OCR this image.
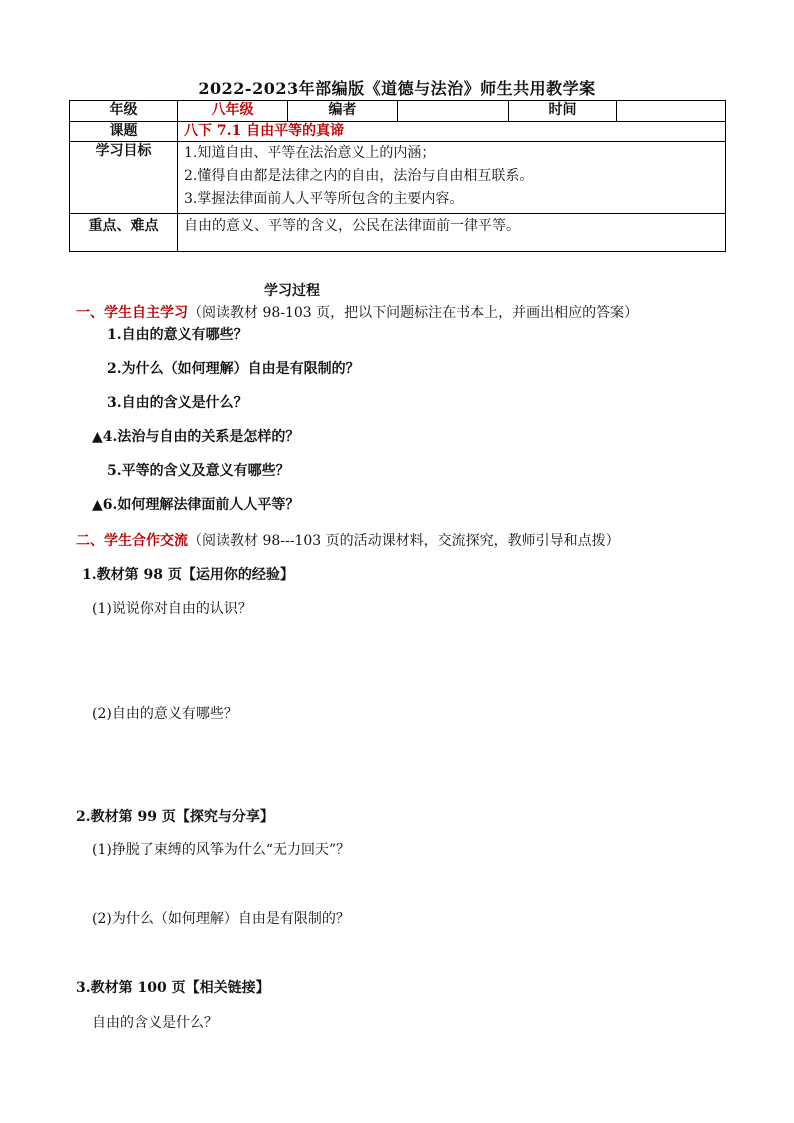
2022-2023年部编版《道德与法治》师生共用教学案
年级	八年级	编者		时间	
课题	八下 7.1 自由平等的真谛				
学习目标	1.知道自由、平等在法治意义上的内涵；
2.懂得自由都是法律之内的自由，法治与自由相互联系。
3.掌握法律面前人人平等所包含的主要内容。				

重点、难点	自由的意义、平等的含义，公民在法律面前一律平等。				
学习过程
一、学生自主学习（阅读教材 98-103 页，把以下问题标注在书本上，并画出相应的答案）
1.自由的意义有哪些？
2.为什么（如何理解）自由是有限制的？
3.自由的含义是什么？
▲4.法治与自由的关系是怎样的？
5.平等的含义及意义有哪些？
▲6.如何理解法律面前人人平等？
二、学生合作交流（阅读教材 98---103 页的活动课材料，交流探究，教师引导和点拨）
1.教材第 98 页【运用你的经验】
(1)说说你对自由的认识？
(2)自由的意义有哪些？
2.教材第 99 页【探究与分享】
(1)挣脱了束缚的风筝为什么“无力回天”？
(2)为什么（如何理解）自由是有限制的？
3.教材第 100 页【相关链接】
自由的含义是什么？
